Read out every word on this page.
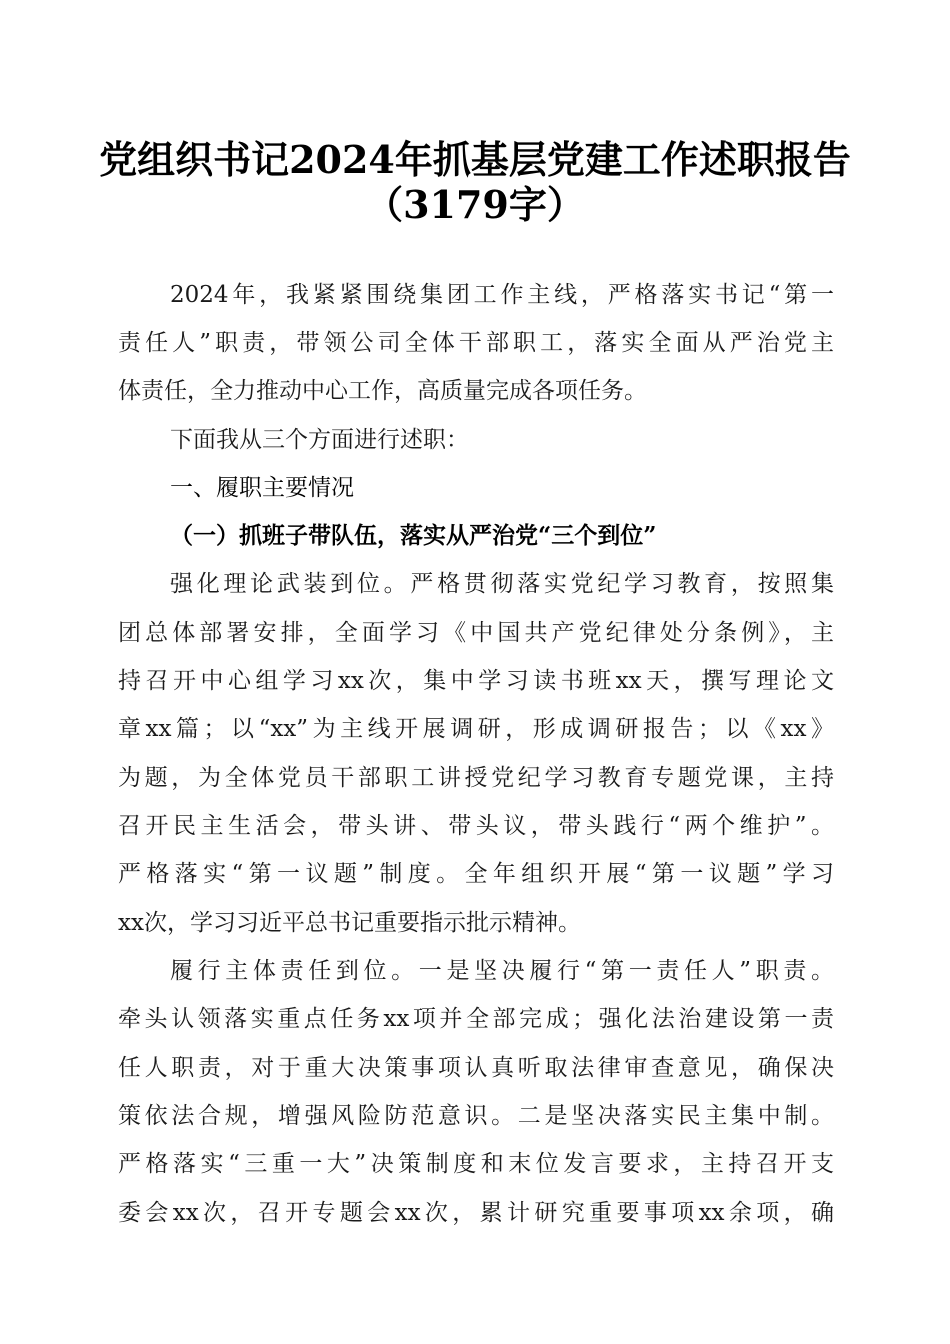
党组织书记2024年抓基层党建工作述职报告
（3179字）
2024年，我紧紧围绕集团工作主线，严格落实书记“第一
责任人”职责，带领公司全体干部职工，落实全面从严治党主
体责任，全力推动中心工作，高质量完成各项任务。
下面我从三个方面进行述职：
一、履职主要情况
（一）抓班子带队伍，落实从严治党“三个到位”
强化理论武装到位。严格贯彻落实党纪学习教育，按照集
团总体部署安排，全面学习《中国共产党纪律处分条例》，主
持召开中心组学习xx次，集中学习读书班xx天，撰写理论文
章xx篇；以“xx”为主线开展调研，形成调研报告；以《xx》
为题，为全体党员干部职工讲授党纪学习教育专题党课，主持
召开民主生活会，带头讲、带头议，带头践行“两个维护”。
严格落实“第一议题”制度。全年组织开展“第一议题”学习
xx次，学习习近平总书记重要指示批示精神。
履行主体责任到位。一是坚决履行“第一责任人”职责。
牵头认领落实重点任务xx项并全部完成；强化法治建设第一责
任人职责，对于重大决策事项认真听取法律审查意见，确保决
策依法合规，增强风险防范意识。二是坚决落实民主集中制。
严格落实“三重一大”决策制度和末位发言要求，主持召开支
委会xx次，召开专题会xx次，累计研究重要事项xx余项，确
